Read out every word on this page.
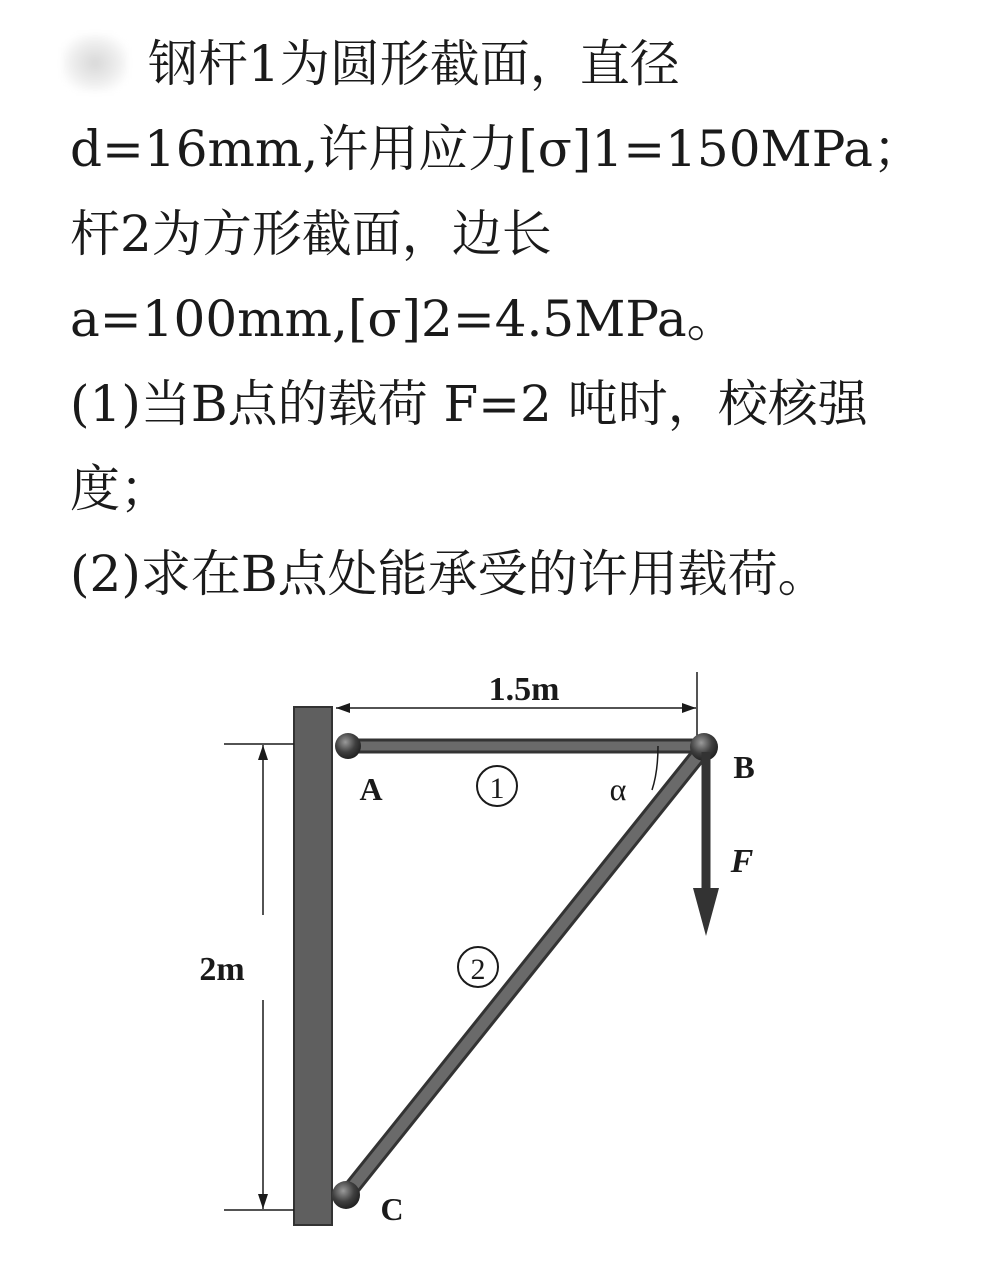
钢杆1为圆形截面，直径
d=16mm,许用应力[σ]1=150MPa；
杆2为方形截面，边长
a=100mm,[σ]2=4.5MPa。
(1)当B点的载荷 F=2 吨时，校核强
度；
(2)求在B点处能承受的许用载荷。
1.5m
2m
α
F
A
B
C
1
2
